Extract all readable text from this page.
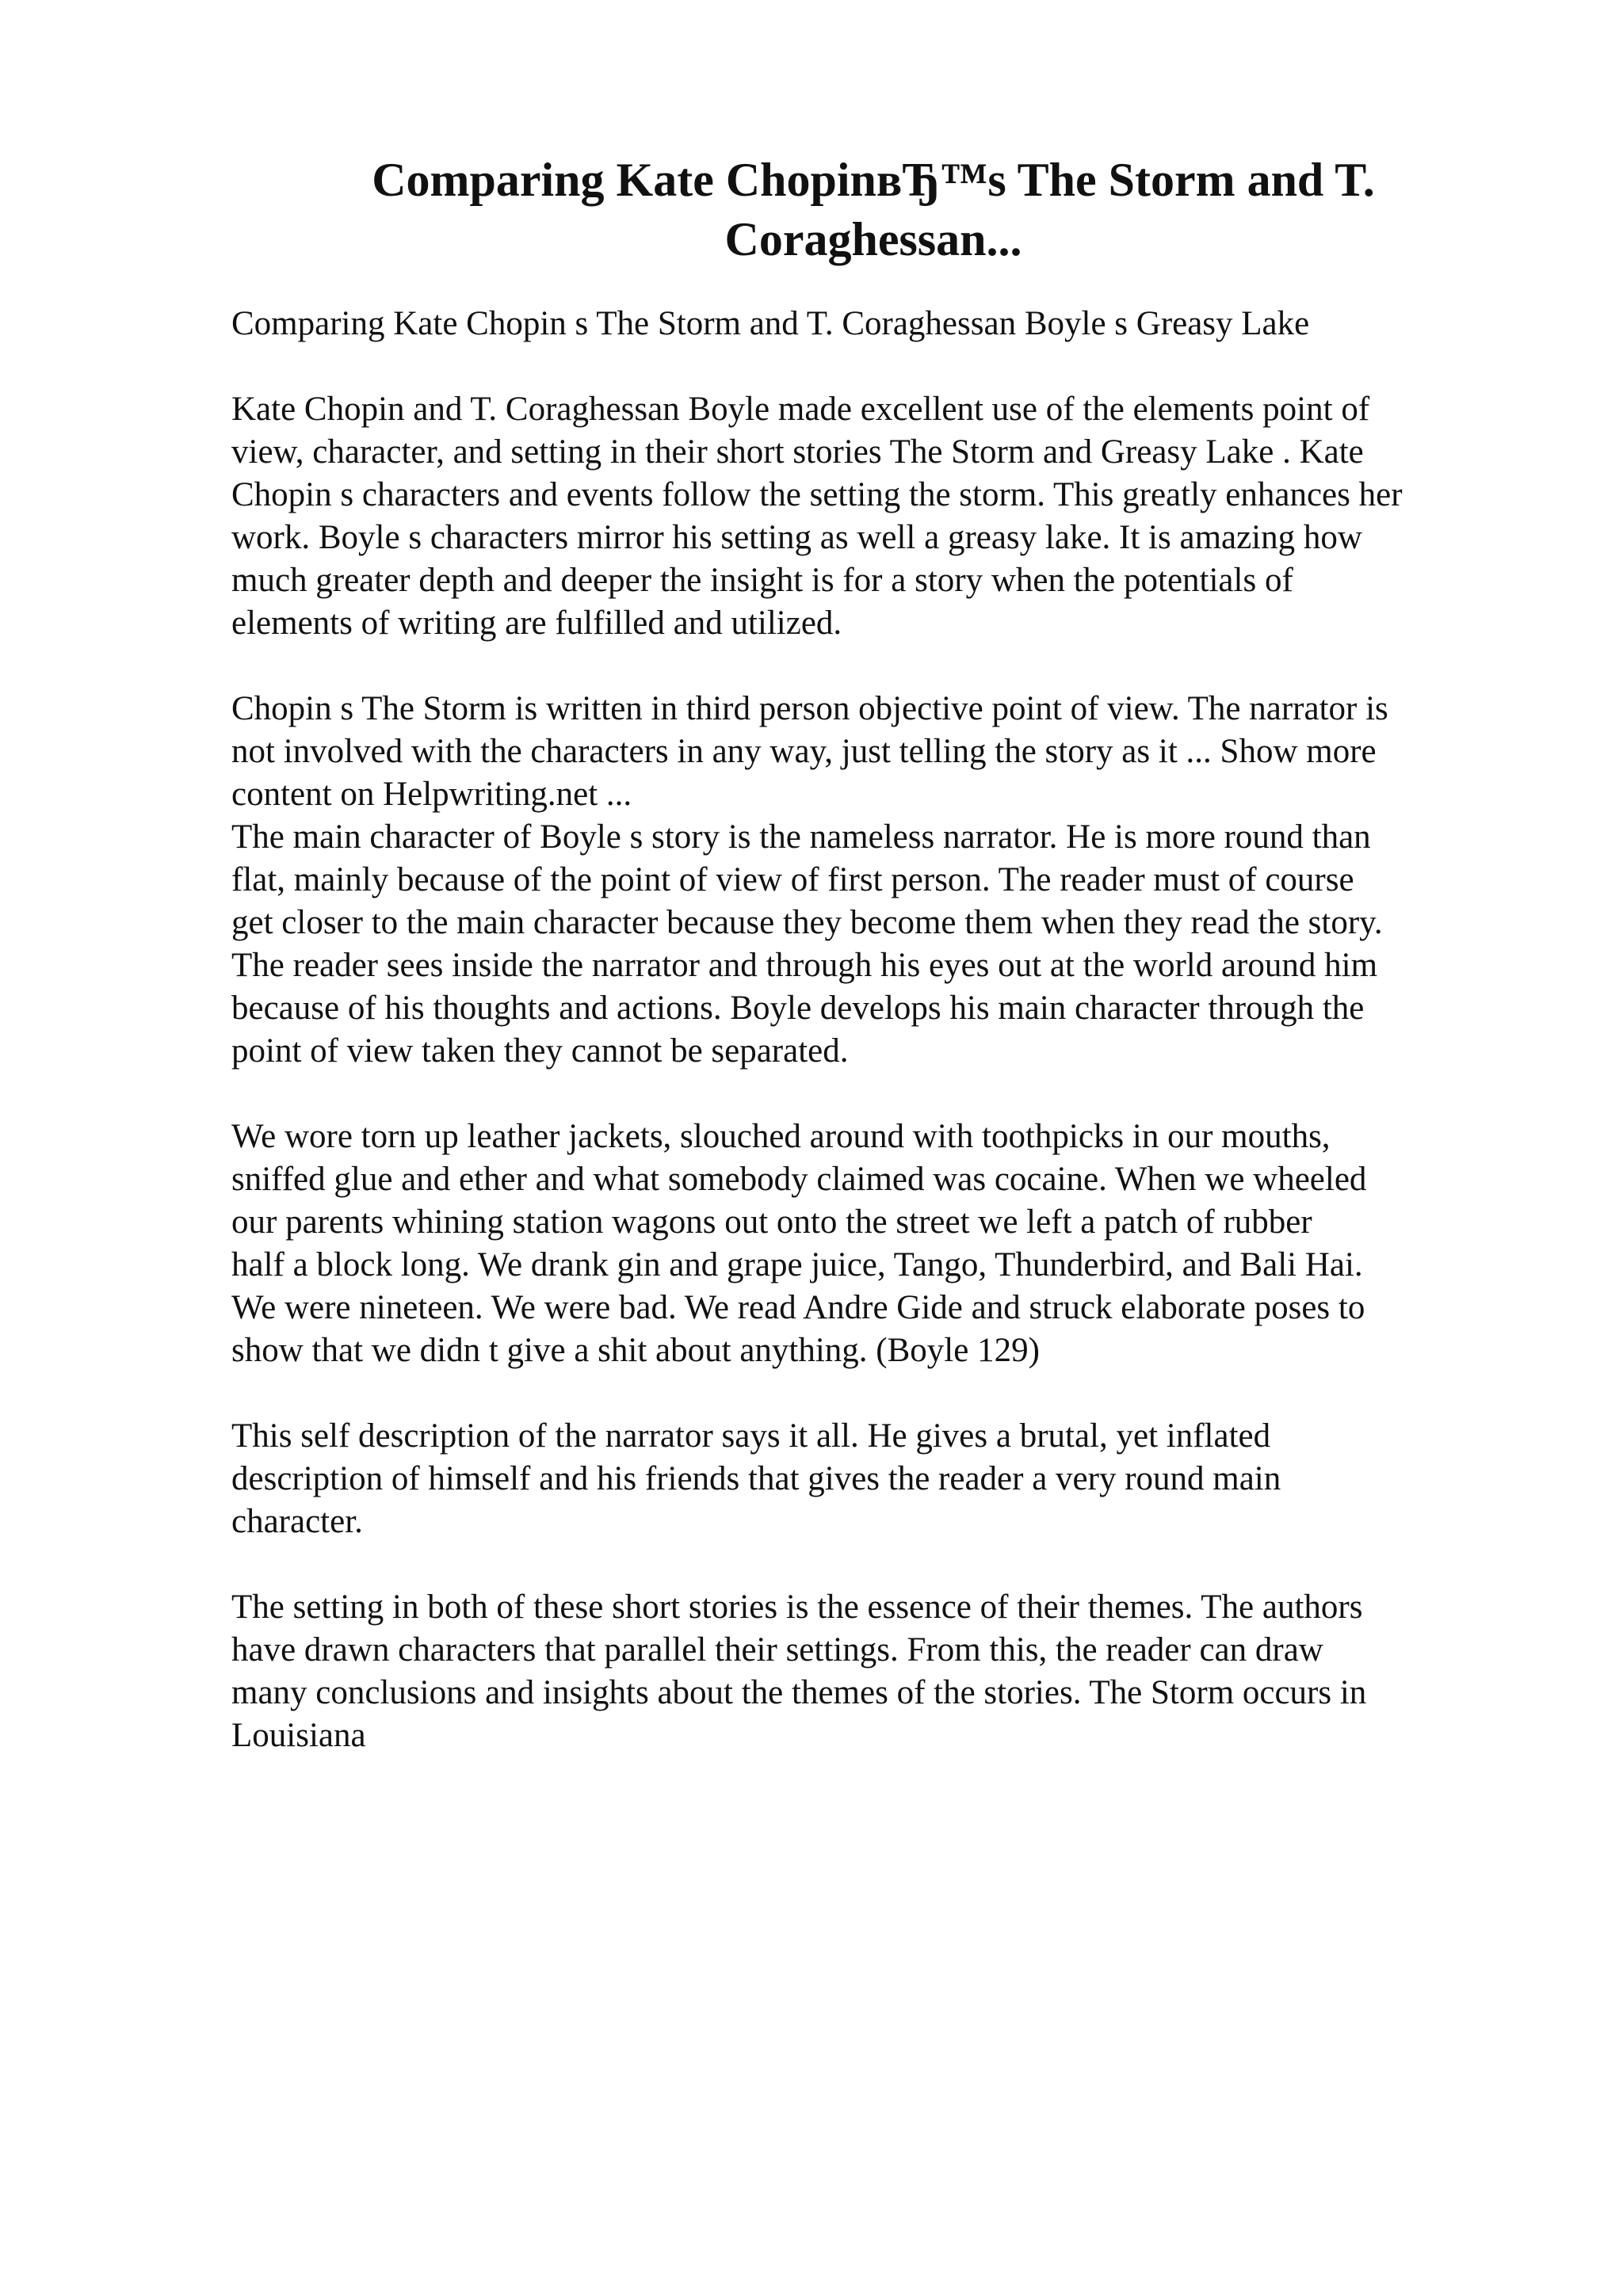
Comparing Kate ChopinвЂ™s The Storm and T.
Coraghessan...
Comparing Kate Chopin s The Storm and T. Coraghessan Boyle s Greasy Lake
Kate Chopin and T. Coraghessan Boyle made excellent use of the elements point of
view, character, and setting in their short stories The Storm and Greasy Lake . Kate
Chopin s characters and events follow the setting the storm. This greatly enhances her
work. Boyle s characters mirror his setting as well a greasy lake. It is amazing how
much greater depth and deeper the insight is for a story when the potentials of
elements of writing are fulfilled and utilized.
Chopin s The Storm is written in third person objective point of view. The narrator is
not involved with the characters in any way, just telling the story as it ... Show more
content on Helpwriting.net ...
The main character of Boyle s story is the nameless narrator. He is more round than
flat, mainly because of the point of view of first person. The reader must of course
get closer to the main character because they become them when they read the story.
The reader sees inside the narrator and through his eyes out at the world around him
because of his thoughts and actions. Boyle develops his main character through the
point of view taken they cannot be separated.
We wore torn up leather jackets, slouched around with toothpicks in our mouths,
sniffed glue and ether and what somebody claimed was cocaine. When we wheeled
our parents whining station wagons out onto the street we left a patch of rubber
half a block long. We drank gin and grape juice, Tango, Thunderbird, and Bali Hai.
We were nineteen. We were bad. We read Andre Gide and struck elaborate poses to
show that we didn t give a shit about anything. (Boyle 129)
This self description of the narrator says it all. He gives a brutal, yet inflated
description of himself and his friends that gives the reader a very round main
character.
The setting in both of these short stories is the essence of their themes. The authors
have drawn characters that parallel their settings. From this, the reader can draw
many conclusions and insights about the themes of the stories. The Storm occurs in
Louisiana
